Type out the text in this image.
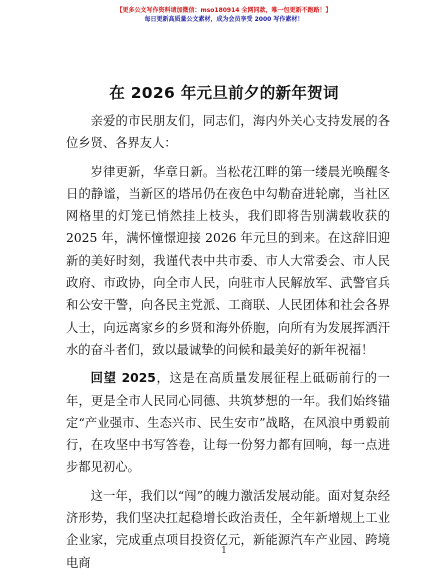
【更多公文写作资料请加微信：mso180914 全网同款，唯一包更新不跑路！】
每日更新高质量公文素材，成为会员享受 2000 写作素材！
在 2026 年元旦前夕的新年贺词

亲爱的市民朋友们，同志们，海内外关心支持发展的各位乡贤、各界友人：

岁律更新，华章日新。当松花江畔的第一缕晨光唤醒冬日的静谧，当新区的塔吊仍在夜色中勾勒奋进轮廓，当社区网格里的灯笼已悄然挂上枝头，我们即将告别满载收获的 2025 年，满怀憧憬迎接 2026 年元旦的到来。在这辞旧迎新的美好时刻，我谨代表中共市委、市人大常委会、市人民政府、市政协，向全市人民，向驻市人民解放军、武警官兵和公安干警，向各民主党派、工商联、人民团体和社会各界人士，向远离家乡的乡贤和海外侨胞，向所有为发展挥洒汗水的奋斗者们，致以最诚挚的问候和最美好的新年祝福！

回望 2025，这是在高质量发展征程上砥砺前行的一年，更是全市人民同心同德、共筑梦想的一年。我们始终锚定“产业强市、生态兴市、民生安市”战略，在风浪中勇毅前行，在攻坚中书写答卷，让每一份努力都有回响，每一点进步都见初心。

这一年，我们以“闯”的魄力激活发展动能。面对复杂经济形势，我们坚决扛起稳增长政治责任，全年新增规上工业企业家，完成重点项目投资亿元，新能源汽车产业园、跨境电商

1
